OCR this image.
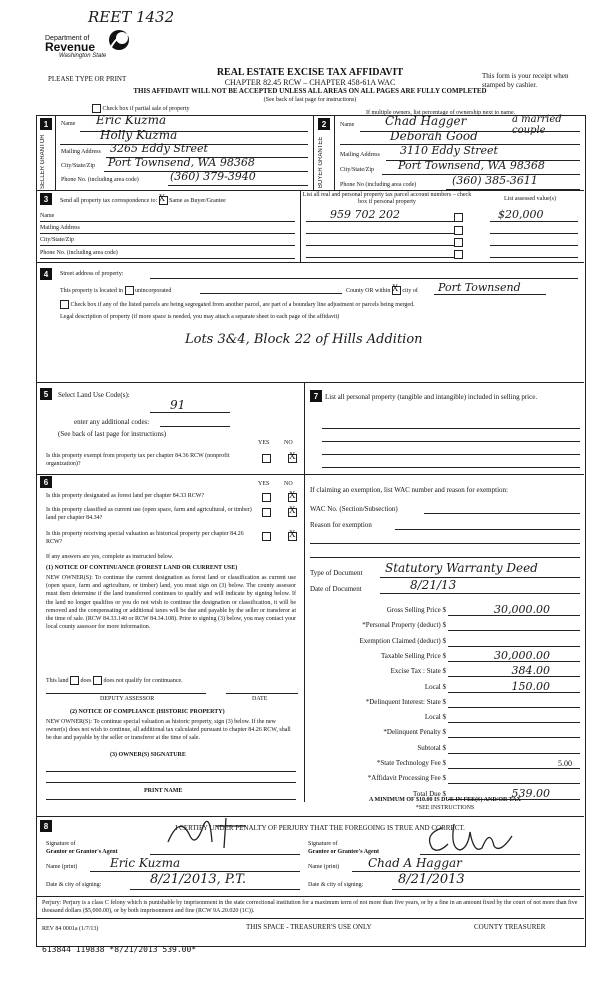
REET 1432
Department of
Revenue
Washington State
PLEASE TYPE OR PRINT
REAL ESTATE EXCISE TAX AFFIDAVIT
CHAPTER 82.45 RCW – CHAPTER 458-61A WAC
THIS AFFIDAVIT WILL NOT BE ACCEPTED UNLESS ALL AREAS ON ALL PAGES ARE FULLY COMPLETED
(See back of last page for instructions)
This form is your receipt when stamped by cashier.
Check box if partial sale of property
If multiple owners, list percentage of ownership next to name.
1
SELLER GRANTOR
Name Eric Kuzma
Holly Kuzma
Mailing Address 3265 Eddy Street
City/State/Zip Port Townsend, WA 98368
Phone No. (including area code)	(360) 379-3940
2
BUYER GRANTEE
Name	Chad Hagger	a married couple
Deborah Good
Mailing Address 3110 Eddy Street
City/State/Zip Port Townsend, WA 98368
Phone No (including area code)	(360) 385-3611
3	Send all property tax correspondence to: X Same as Buyer/Grantee
List all real and personal property tax parcel account numbers – check box if personal property	List assessed value(s)
Name
Mailing Address
City/State/Zip
Phone No. (including area code)
959 702 202	$20,000
4	Street address of property:
This property is located in unincorporated	County OR within X city of Port Townsend
Check box if any of the listed parcels are being segregated from another parcel, are part of a boundary line adjustment or parcels being merged.
Legal description of property (if more space is needed, you may attach a separate sheet to each page of the affidavit)
Lots 3&4, Block 22 of Hills Addition
5	Select Land Use Code(s):
91
enter any additional codes:
(See back of last page for instructions)
YES NO
Is this property exempt from property tax per chapter 84.36 RCW (nonprofit organization)?
X
6	YES NO
Is this property designated as forest land per chapter 84.33 RCW?	X
Is this property classified as current use (open space, farm and agricultural, or timber) land per chapter 84.34?
X
Is this property receiving special valuation as historical property per chapter 84.26 RCW?
X
If any answers are yes, complete as instructed below.
(1) NOTICE OF CONTINUANCE (FOREST LAND OR CURRENT USE)
NEW OWNER(S): To continue the current designation as forest land or classification as current use (open space, farm and agriculture, or timber) land, you must sign on (3) below. The county assessor must then determine if the land transferred continues to qualify and will indicate by signing below. If the land no longer qualifies or you do not wish to continue the designation or classification, it will be removed and the compensating or additional taxes will be due and payable by the seller or transferor at the time of sale. (RCW 84.33.140 or RCW 84.34.108). Prior to signing (3) below, you may contact your local county assessor for more information.
This land does does not qualify for continuance.
DEPUTY ASSESSOR	DATE
(2) NOTICE OF COMPLIANCE (HISTORIC PROPERTY)
NEW OWNER(S): To continue special valuation as historic property, sign (3) below. If the new owner(s) does not wish to continue, all additional tax calculated pursuant to chapter 84.26 RCW, shall be due and payable by the seller or transferor at the time of sale.
(3) OWNER(S) SIGNATURE
PRINT NAME
7 List all personal property (tangible and intangible) included in selling price.
If claiming an exemption, list WAC number and reason for exemption:
WAC No. (Section/Subsection)
Reason for exemption
Type of Document Statutory Warranty Deed
Date of Document	8/21/13
Gross Selling Price $	30,000.00
*Personal Property (deduct) $
Exemption Claimed (deduct) $
Taxable Selling Price $	30,000.00
Excise Tax : State $	384.00
Local $	150.00
*Delinquent Interest: State $
Local $
*Delinquent Penalty $
Subtotal $
*State Technology Fee $	5.00
*Affidavit Processing Fee $
Total Due $	539.00
A MINIMUM OF $10.00 IS DUE IN FEE(S) AND/OR TAX
*SEE INSTRUCTIONS
8	I CERTIFY UNDER PENALTY OF PERJURY THAT THE FOREGOING IS TRUE AND CORRECT.
Signature of
Grantor or Grantor's Agent
Name (print)	Eric Kuzma
Date & city of signing:	8/21/2013, P.T.
Signature of
Grantee or Grantee's Agent
Name (print) Chad A Haggar
Date & city of signing:	8/21/2013
Perjury: Perjury is a class C felony which is punishable by imprisonment in the state correctional institution for a maximum term of not more than five years, or by a fine in an amount fixed by the court of not more than five thousand dollars ($5,000.00), or by both imprisonment and fine (RCW 9A.20.020 (1C)).
REV 84 0001a (1/7/13)	THIS SPACE - TREASURER'S USE ONLY	COUNTY TREASURER
613844 119838 *8/21/2013 539.00*
